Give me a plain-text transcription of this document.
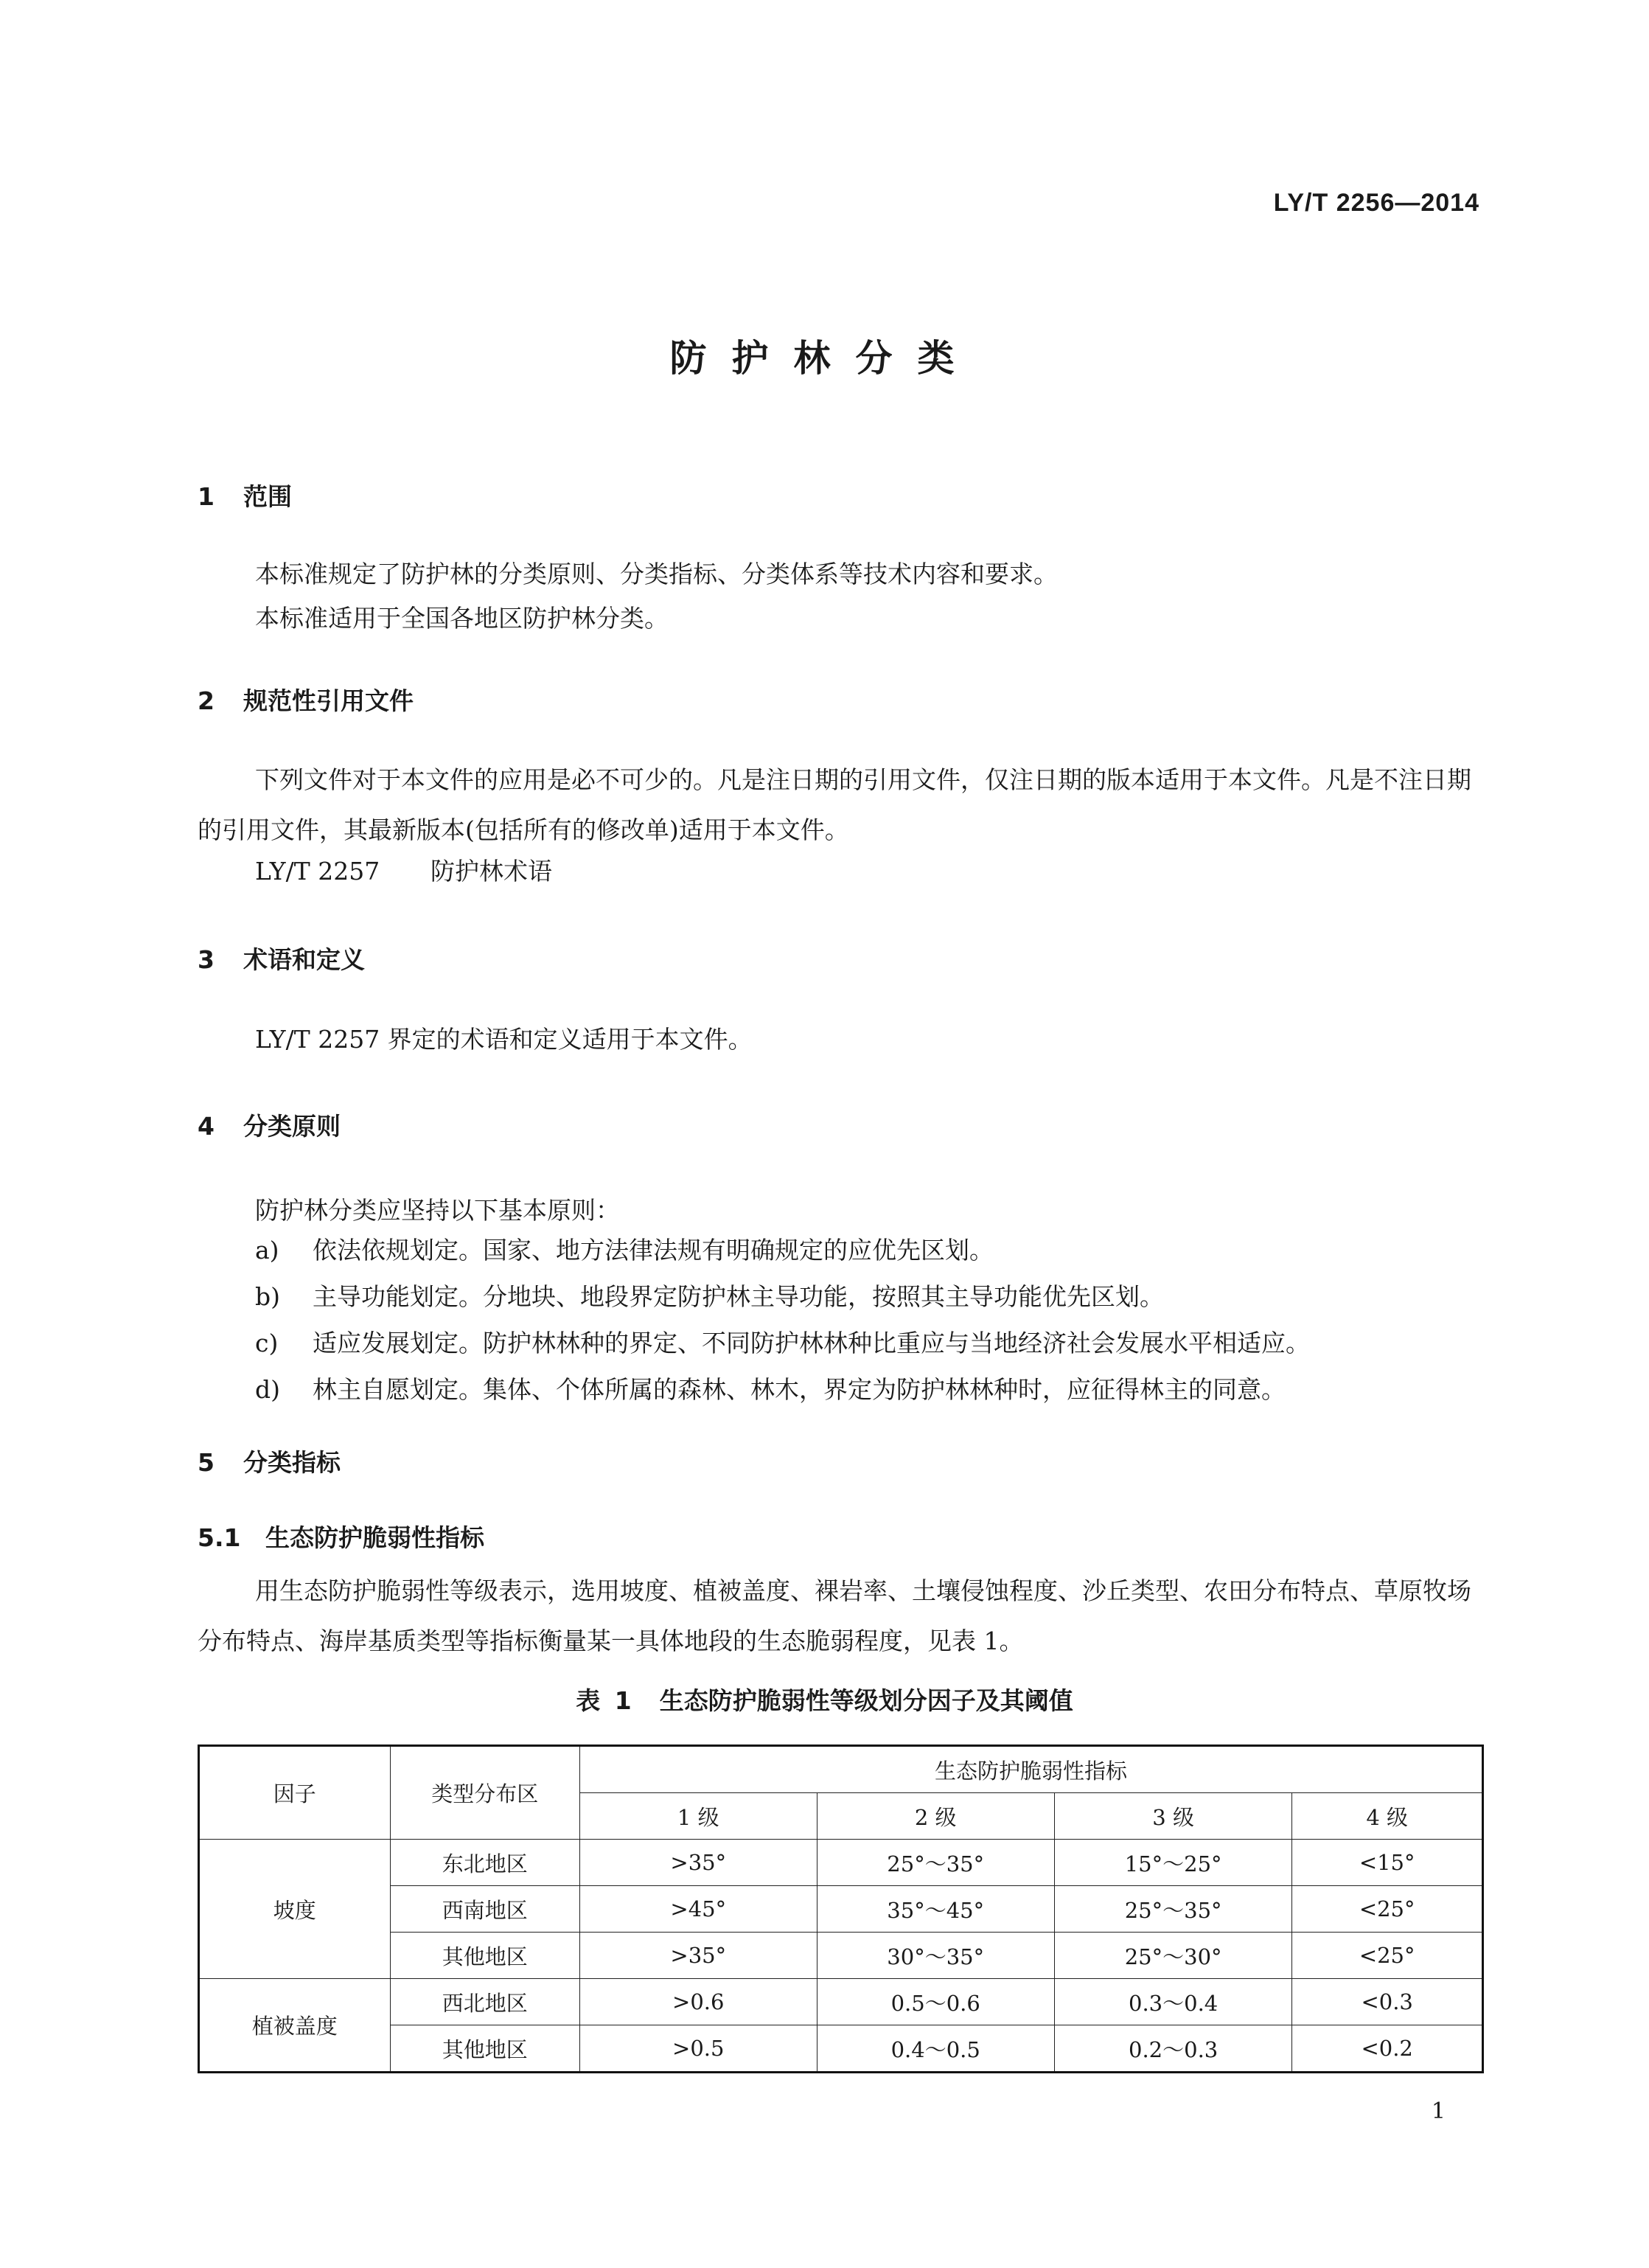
LY/T 2256—2014
防护林分类
1 范围
本标准规定了防护林的分类原则、分类指标、分类体系等技术内容和要求。
本标准适用于全国各地区防护林分类。
2 规范性引用文件
下列文件对于本文件的应用是必不可少的。凡是注日期的引用文件，仅注日期的版本适用于本文件。凡是不注日期的引用文件，其最新版本(包括所有的修改单)适用于本文件。
LY/T 2257 防护林术语
3 术语和定义
LY/T 2257 界定的术语和定义适用于本文件。
4 分类原则
防护林分类应坚持以下基本原则：
a) 依法依规划定。国家、地方法律法规有明确规定的应优先区划。
b) 主导功能划定。分地块、地段界定防护林主导功能，按照其主导功能优先区划。
c) 适应发展划定。防护林林种的界定、不同防护林林种比重应与当地经济社会发展水平相适应。
d) 林主自愿划定。集体、个体所属的森林、林木，界定为防护林林种时，应征得林主的同意。
5 分类指标
5.1 生态防护脆弱性指标
用生态防护脆弱性等级表示，选用坡度、植被盖度、裸岩率、土壤侵蚀程度、沙丘类型、农田分布特点、草原牧场分布特点、海岸基质类型等指标衡量某一具体地段的生态脆弱程度，见表 1。
表 1 生态防护脆弱性等级划分因子及其阈值
因子	类型分布区	生态防护脆弱性指标			
		1 级	2 级	3 级	4 级
坡度	东北地区	>35°	25°～35°	15°～25°	<15°
	西南地区	>45°	35°～45°	25°～35°	<25°
	其他地区	>35°	30°～35°	25°～30°	<25°
植被盖度	西北地区	>0.6	0.5～0.6	0.3～0.4	<0.3
	其他地区	>0.5	0.4～0.5	0.2～0.3	<0.2
1
